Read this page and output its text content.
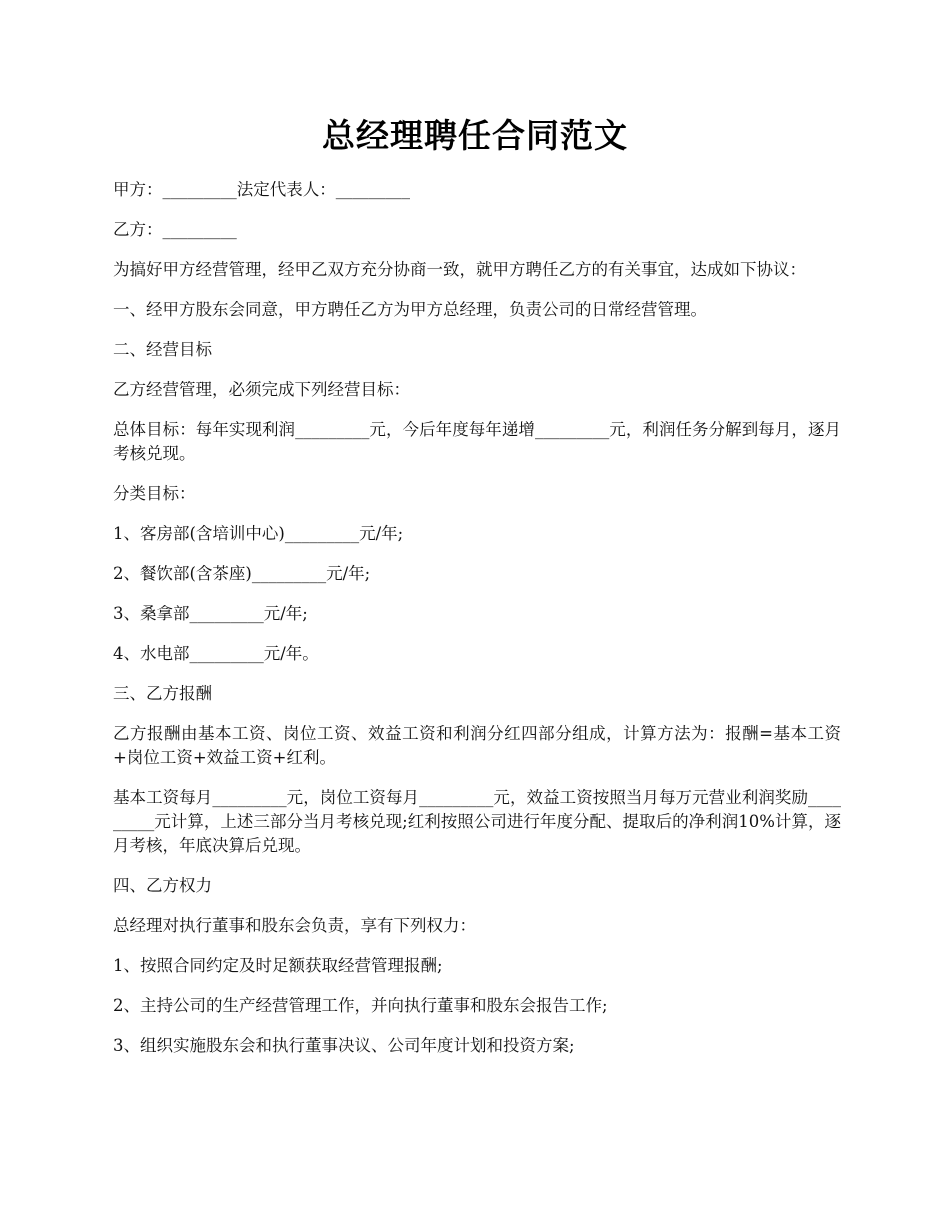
总经理聘任合同范文

甲方：_________法定代表人：_________

乙方：_________

为搞好甲方经营管理，经甲乙双方充分协商一致，就甲方聘任乙方的有关事宜，达成如下协议：

一、经甲方股东会同意，甲方聘任乙方为甲方总经理，负责公司的日常经营管理。

二、经营目标

乙方经营管理，必须完成下列经营目标：

总体目标：每年实现利润_________元，今后年度每年递增_________元，利润任务分解到每月，逐月考核兑现。

分类目标：

1、客房部(含培训中心)_________元/年;

2、餐饮部(含茶座)_________元/年;

3、桑拿部_________元/年;

4、水电部_________元/年。

三、乙方报酬

乙方报酬由基本工资、岗位工资、效益工资和利润分红四部分组成，计算方法为：报酬=基本工资+岗位工资+效益工资+红利。

基本工资每月_________元，岗位工资每月_________元，效益工资按照当月每万元营业利润奖励_________元计算，上述三部分当月考核兑现;红利按照公司进行年度分配、提取后的净利润10%计算，逐月考核，年底决算后兑现。

四、乙方权力

总经理对执行董事和股东会负责，享有下列权力：

1、按照合同约定及时足额获取经营管理报酬;

2、主持公司的生产经营管理工作，并向执行董事和股东会报告工作;

3、组织实施股东会和执行董事决议、公司年度计划和投资方案;
